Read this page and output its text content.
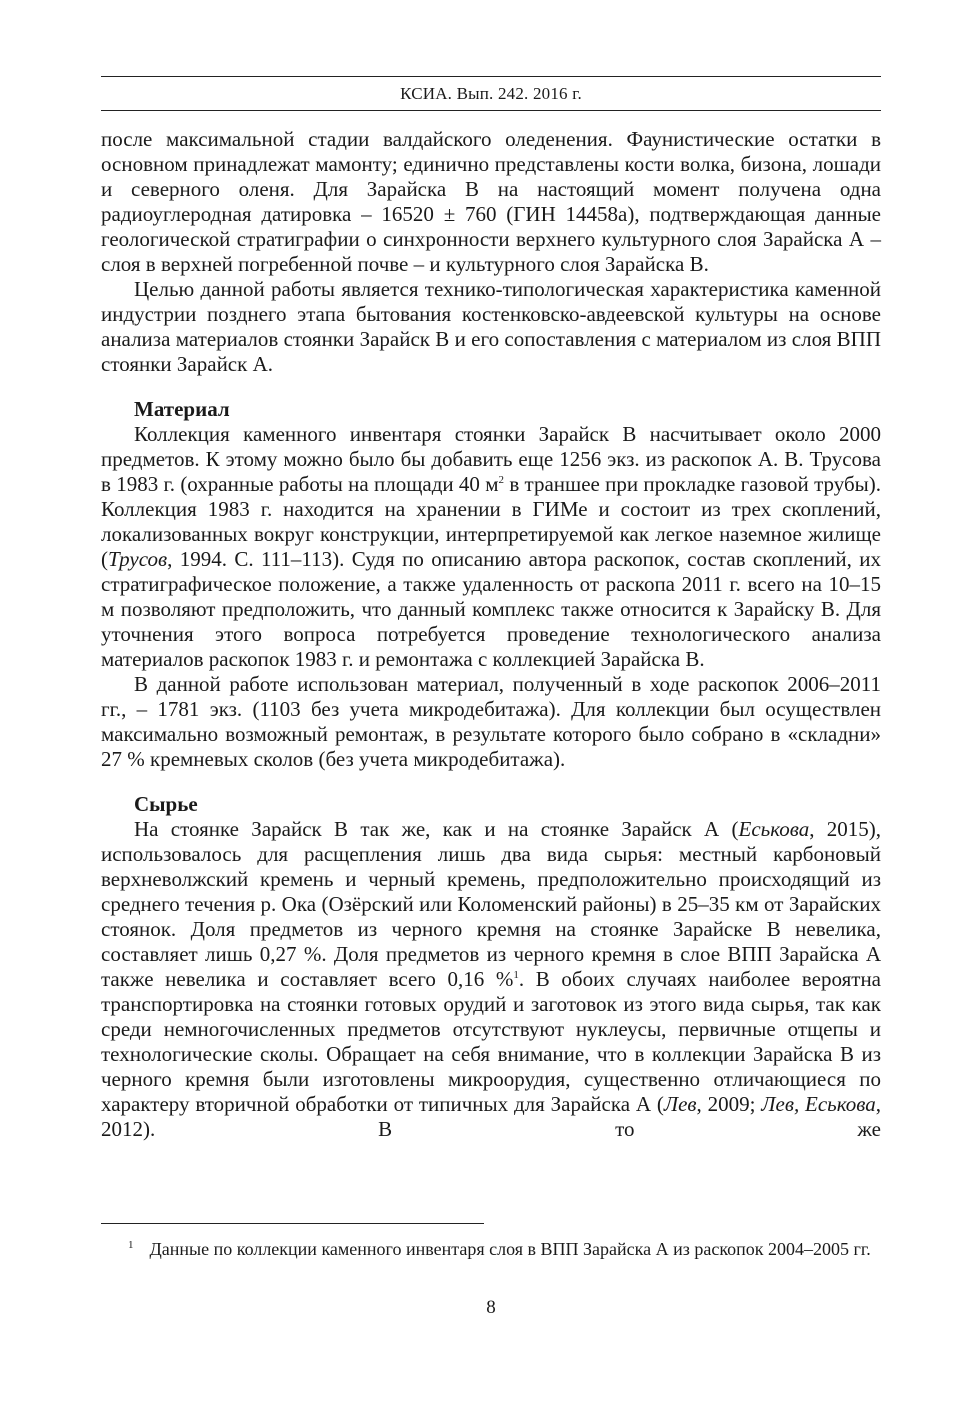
КСИА. Вып. 242. 2016 г.

после максимальной стадии валдайского оледенения. Фаунистические остатки в основном принадлежат мамонту; единично представлены кости волка, бизона, лошади и северного оленя. Для Зарайска В на настоящий момент получена одна радиоуглеродная датировка – 16520 ± 760 (ГИН 14458а), подтверждающая данные геологической стратиграфии о синхронности верхнего культурного слоя Зарайска А – слоя в верхней погребенной почве – и культурного слоя Зарайска В.

Целью данной работы является технико-типологическая характеристика каменной индустрии позднего этапа бытования костенковско-авдеевской культуры на основе анализа материалов стоянки Зарайск В и его сопоставления с материалом из слоя ВПП стоянки Зарайск А.

Материал

Коллекция каменного инвентаря стоянки Зарайск В насчитывает около 2000 предметов. К этому можно было бы добавить еще 1256 экз. из раскопок А. В. Трусова в 1983 г. (охранные работы на площади 40 $м^2$ в траншее при прокладке газовой трубы). Коллекция 1983 г. находится на хранении в ГИМе и состоит из трех скоплений, локализованных вокруг конструкции, интерпретируемой как легкое наземное жилище (Трусов, 1994. С. 111–113). Судя по описанию автора раскопок, состав скоплений, их стратиграфическое положение, а также удаленность от раскопа 2011 г. всего на 10–15 м позволяют предположить, что данный комплекс также относится к Зарайску В. Для уточнения этого вопроса потребуется проведение технологического анализа материалов раскопок 1983 г. и ремонтажа с коллекцией Зарайска В.

В данной работе использован материал, полученный в ходе раскопок 2006–2011 гг., – 1781 экз. (1103 без учета микродебитажа). Для коллекции был осуществлен максимально возможный ремонтаж, в результате которого было собрано в «складни» 27 % кремневых сколов (без учета микродебитажа).

Сырье

На стоянке Зарайск В так же, как и на стоянке Зарайск А (Еськова, 2015), использовалось для расщепления лишь два вида сырья: местный карбоновый верхневолжский кремень и черный кремень, предположительно происходящий из среднего течения р. Ока (Озёрский или Коломенский районы) в 25–35 км от Зарайских стоянок. Доля предметов из черного кремня на стоянке Зарайске В невелика, составляет лишь 0,27 %. Доля предметов из черного кремня в слое ВПП Зарайска А также невелика и составляет всего 0,16 %$^1$. В обоих случаях наиболее вероятна транспортировка на стоянки готовых орудий и заготовок из этого вида сырья, так как среди немногочисленных предметов отсутствуют нуклеусы, первичные отщепы и технологические сколы. Обращает на себя внимание, что в коллекции Зарайска В из черного кремня были изготовлены микроорудия, существенно отличающиеся по характеру вторичной обработки от типичных для Зарайска А (Лев, 2009; Лев, Еськова, 2012). В то же

$^1$ Данные по коллекции каменного инвентаря слоя в ВПП Зарайска А из раскопок 2004–2005 гг.

8
